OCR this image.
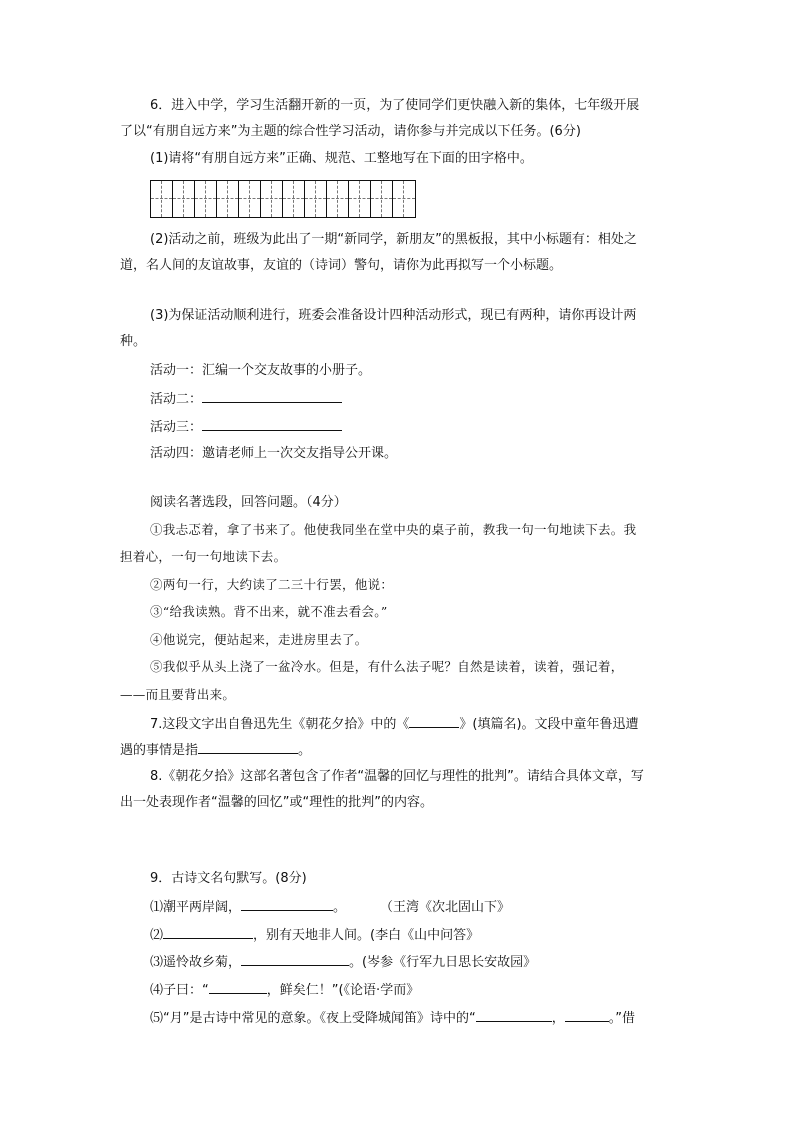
6．进入中学，学习生活翻开新的一页，为了使同学们更快融入新的集体，七年级开展
了以“有朋自远方来”为主题的综合性学习活动，请你参与并完成以下任务。(6分)
(1)请将“有朋自远方来”正确、规范、工整地写在下面的田字格中。
(2)活动之前，班级为此出了一期“新同学，新朋友”的黑板报，其中小标题有：相处之
道，名人间的友谊故事，友谊的（诗词）警句，请你为此再拟写一个小标题。
(3)为保证活动顺利进行，班委会准备设计四种活动形式，现已有两种，请你再设计两
种。
活动一：汇编一个交友故事的小册子。
活动二：
活动三：
活动四：邀请老师上一次交友指导公开课。
阅读名著选段，回答问题。（4分）
①我忐忑着，拿了书来了。他使我同坐在堂中央的桌子前，教我一句一句地读下去。我
担着心，一句一句地读下去。
②两句一行，大约读了二三十行罢，他说：
③“给我读熟。背不出来，就不准去看会。”
④他说完，便站起来，走进房里去了。
⑤我似乎从头上浇了一盆冷水。但是，有什么法子呢？自然是读着，读着，强记着，
——而且要背出来。
7.这段文字出自鲁迅先生《朝花夕拾》中的《	》(填篇名)。文段中童年鲁迅遭
遇的事情是指	。
8.《朝花夕拾》这部名著包含了作者“温馨的回忆与理性的批判”。请结合具体文章，写
出一处表现作者“温馨的回忆”或“理性的批判”的内容。
9．古诗文名句默写。(8分)
⑴潮平两岸阔，	。	（王湾《次北固山下》
⑵	，别有天地非人间。(李白《山中问答》
⑶遥怜故乡菊，	。(岑参《行军九日思长安故园》
⑷子曰：“	，鲜矣仁！”(《论语·学而》
⑸“月”是古诗中常见的意象。《夜上受降城闻笛》诗中的“	，	。”借
